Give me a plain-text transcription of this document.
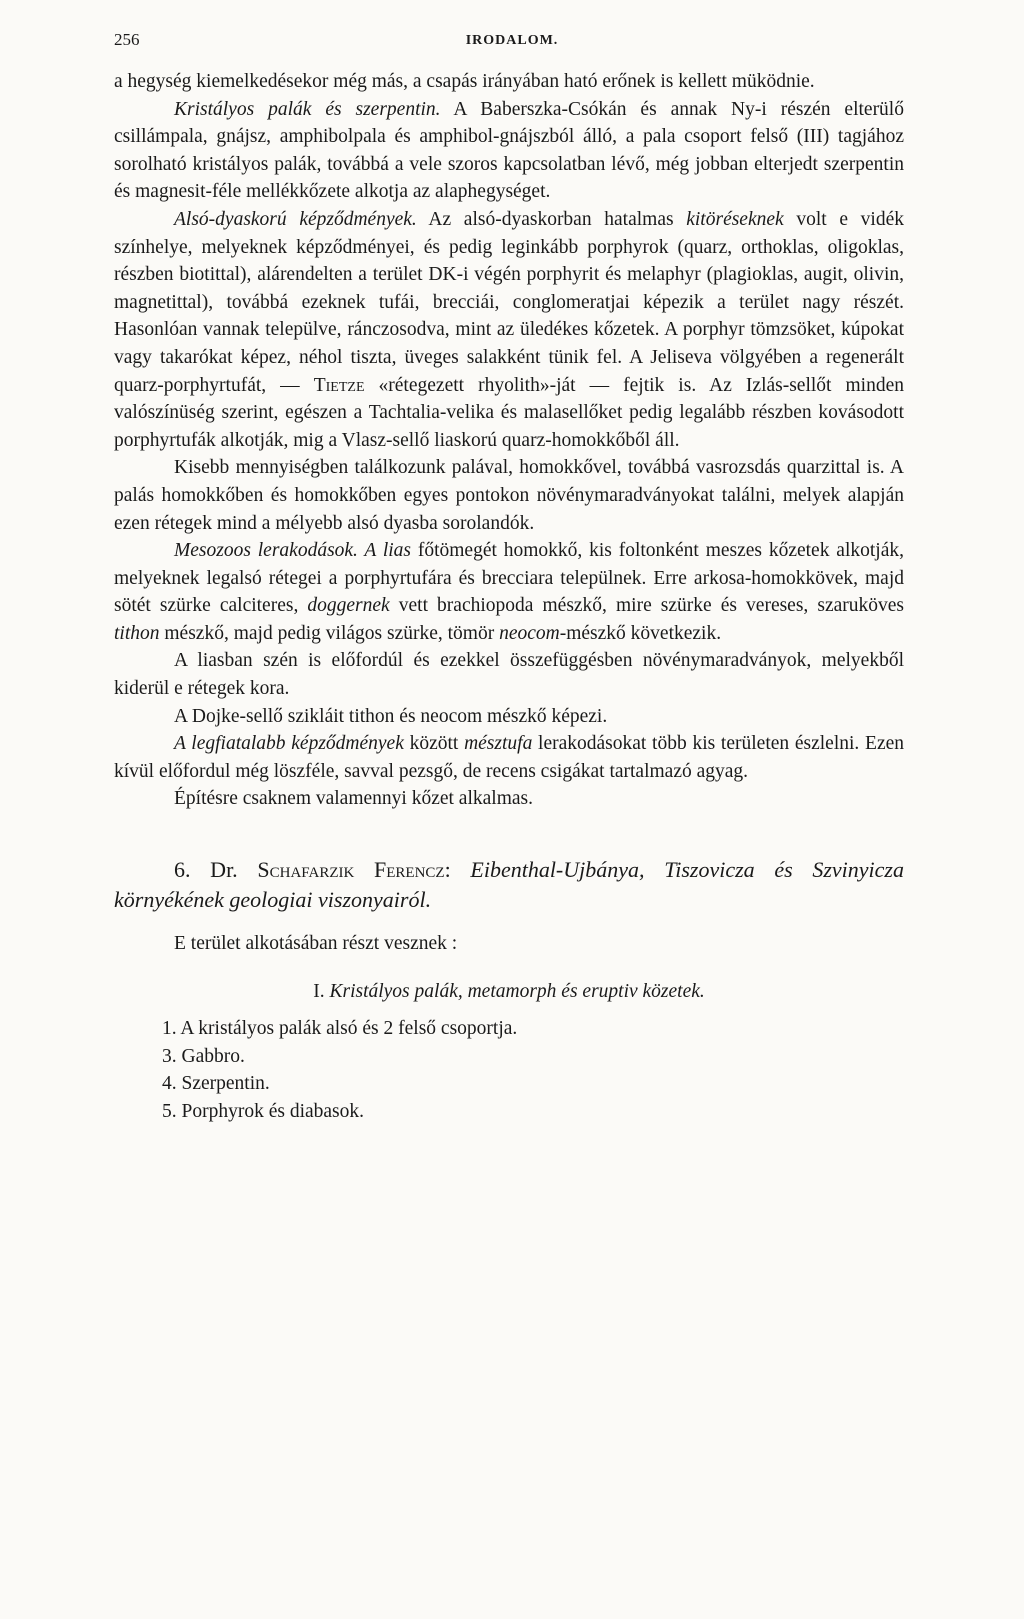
256	IRODALOM.

a hegység kiemelkedésekor még más, a csapás irányában ható erőnek is kellett müködnie.

Kristályos palák és szerpentin. A Baberszka-Csókán és annak Ny-i részén elterülő csillámpala, gnájsz, amphibolpala és amphibol-gnájszból álló, a pala csoport felső (III) tagjához sorolható kristályos palák, továbbá a vele szoros kapcsolatban lévő, még jobban elterjedt szerpentin és magnesit-féle mellékkőzete alkotja az alaphegységet.

Alsó-dyaskorú képződmények. Az alsó-dyaskorban hatalmas kitöréseknek volt e vidék színhelye, melyeknek képződményei, és pedig leginkább porphyrok (quarz, orthoklas, oligoklas, részben biotittal), alárendelten a terület DK-i végén porphyrit és melaphyr (plagioklas, augit, olivin, magnetittal), továbbá ezeknek tufái, brecciái, conglomeratjai képezik a terület nagy részét. Hasonlóan vannak települve, ránczosodva, mint az üledékes kőzetek. A porphyr tömzsöket, kúpokat vagy takarókat képez, néhol tiszta, üveges salakként tünik fel. A Jeliseva völgyében a regenerált quarz-porphyrtufát, — Tietze «rétegezett rhyolith»-ját — fejtik is. Az Izlás-sellőt minden valószínüség szerint, egészen a Tachtalia-velika és malasellőket pedig legalább részben kovásodott porphyrtufák alkotják, mig a Vlasz-sellő liaskorú quarz-homokkőből áll.

Kisebb mennyiségben találkozunk palával, homokkővel, továbbá vasrozsdás quarzittal is. A palás homokkőben és homokkőben egyes pontokon növénymaradványokat találni, melyek alapján ezen rétegek mind a mélyebb alsó dyasba sorolandók.

Mesozoos lerakodások. A lias főtömegét homokkő, kis foltonként meszes kőzetek alkotják, melyeknek legalsó rétegei a porphyrtufára és brecciara települnek. Erre arkosa-homokkövek, majd sötét szürke calciteres, doggernek vett brachiopoda mészkő, mire szürke és vereses, szaruköves tithon mészkő, majd pedig világos szürke, tömör neocom-mészkő következik.

A liasban szén is előfordúl és ezekkel összefüggésben növénymaradványok, melyekből kiderül e rétegek kora.

A Dojke-sellő szikláit tithon és neocom mészkő képezi.

A legfiatalabb képződmények között mésztufa lerakodásokat több kis területen észlelni. Ezen kívül előfordul még löszféle, savval pezsgő, de recens csigákat tartalmazó agyag.

Építésre csaknem valamennyi kőzet alkalmas.

6. Dr. Schafarzik Ferencz: Eibenthal-Ujbánya, Tiszovicza és Szvinyicza környékének geologiai viszonyairól.
E terület alkotásában részt vesznek :
I. Kristályos palák, metamorph és eruptiv közetek.
1. A kristályos palák alsó és 2 felső csoportja.
3. Gabbro.
4. Szerpentin.
5. Porphyrok és diabasok.
